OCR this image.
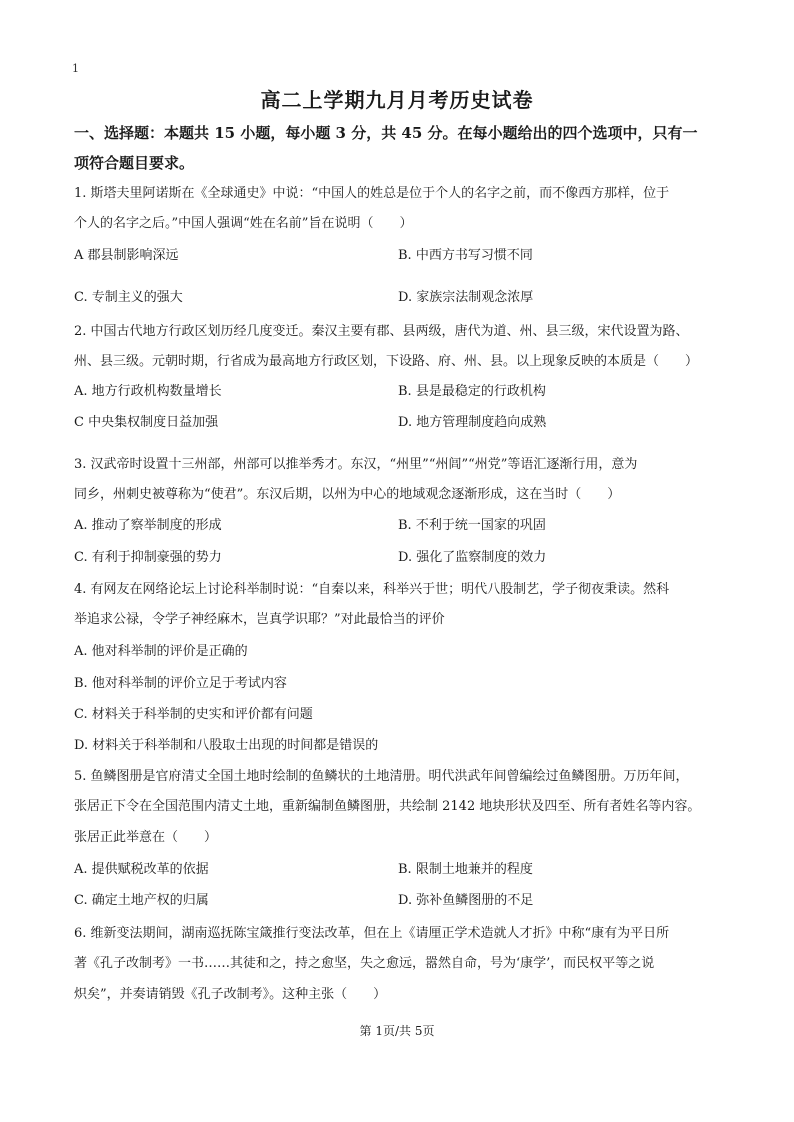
1
高二上学期九月月考历史试卷
一、选择题：本题共 15 小题，每小题 3 分，共 45 分。在每小题给出的四个选项中，只有一
项符合题目要求。
1. 斯塔夫里阿诺斯在《全球通史》中说：“中国人的姓总是位于个人的名字之前，而不像西方那样，位于
个人的名字之后。”中国人强调“姓在名前”旨在说明（　　）
A 郡县制影响深远	B. 中西方书写习惯不同
C. 专制主义的强大	D. 家族宗法制观念浓厚
2. 中国古代地方行政区划历经几度变迁。秦汉主要有郡、县两级，唐代为道、州、县三级，宋代设置为路、
州、县三级。元朝时期，行省成为最高地方行政区划，下设路、府、州、县。以上现象反映的本质是（　　）
A. 地方行政机构数量增长	B. 县是最稳定的行政机构
C 中央集权制度日益加强	D. 地方管理制度趋向成熟
3. 汉武帝时设置十三州部，州部可以推举秀才。东汉，“州里”“州闾”“州党”等语汇逐渐行用，意为
同乡，州刺史被尊称为“使君”。东汉后期，以州为中心的地域观念逐渐形成，这在当时（　　）
A. 推动了察举制度的形成	B. 不利于统一国家的巩固
C. 有利于抑制豪强的势力	D. 强化了监察制度的效力
4. 有网友在网络论坛上讨论科举制时说：“自秦以来，科举兴于世；明代八股制艺，学子彻夜秉读。然科
举追求公禄，令学子神经麻木，岂真学识耶？”对此最恰当的评价
A. 他对科举制的评价是正确的
B. 他对科举制的评价立足于考试内容
C. 材料关于科举制的史实和评价都有问题
D. 材料关于科举制和八股取士出现的时间都是错误的
5. 鱼鳞图册是官府清丈全国土地时绘制的鱼鳞状的土地清册。明代洪武年间曾编绘过鱼鳞图册。万历年间，
张居正下令在全国范围内清丈土地，重新编制鱼鳞图册，共绘制 2142 地块形状及四至、所有者姓名等内容。
张居正此举意在（　　）
A. 提供赋税改革的依据	B. 限制土地兼并的程度
C. 确定土地产权的归属	D. 弥补鱼鳞图册的不足
6. 维新变法期间，湖南巡抚陈宝箴推行变法改革，但在上《请厘正学术造就人才折》中称“康有为平日所
著《孔子改制考》一书……其徒和之，持之愈坚，失之愈远，嚣然自命，号为‘康学’，而民权平等之说
炽矣”，并奏请销毁《孔子改制考》。这种主张（　　）
第 1页/共 5页
